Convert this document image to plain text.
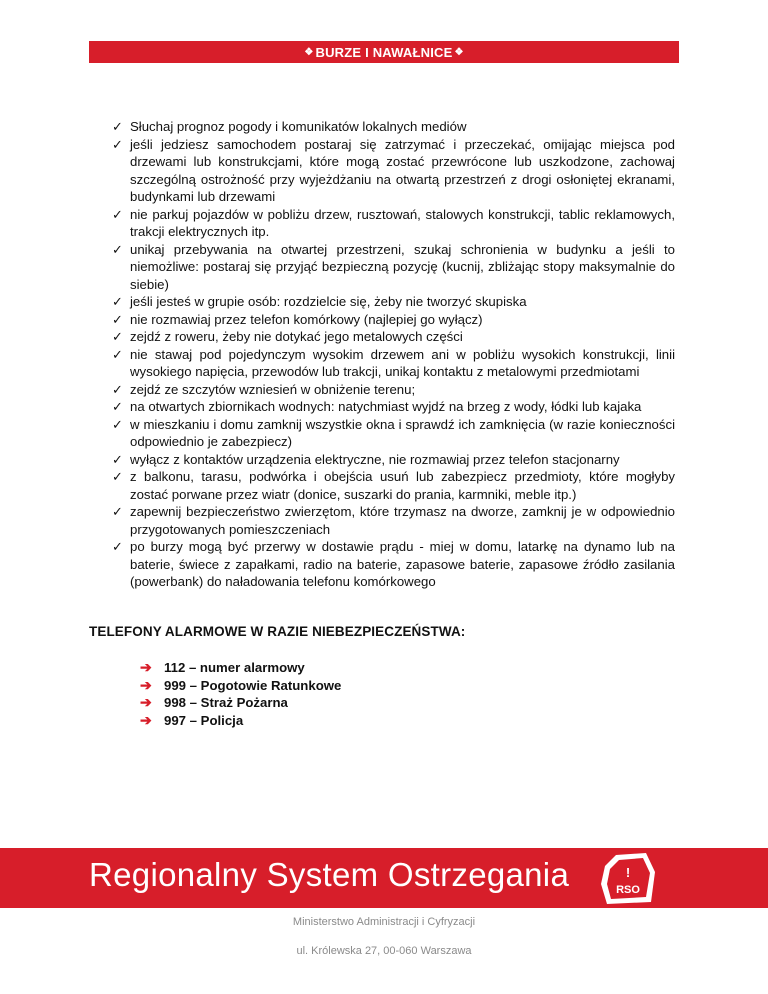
❖ BURZE I NAWAŁNICE ❖
✓ Słuchaj prognoz pogody i komunikatów lokalnych mediów
✓ jeśli jedziesz samochodem postaraj się zatrzymać i przeczekać, omijając miejsca pod drzewami lub konstrukcjami, które mogą zostać przewrócone lub uszkodzone, zachowaj szczególną ostrożność przy wyjeżdżaniu na otwartą przestrzeń z drogi osłoniętej ekranami, budynkami lub drzewami
✓ nie parkuj pojazdów w pobliżu drzew, rusztowań, stalowych konstrukcji, tablic reklamowych, trakcji elektrycznych itp.
✓ unikaj przebywania na otwartej przestrzeni, szukaj schronienia w budynku a jeśli to niemożliwe: postaraj się przyjąć bezpieczną pozycję (kucnij, zbliżając stopy maksymalnie do siebie)
✓ jeśli jesteś w grupie osób: rozdzielcie się, żeby nie tworzyć skupiska
✓ nie rozmawiaj przez telefon komórkowy (najlepiej go wyłącz)
✓ zejdź z roweru, żeby nie dotykać jego metalowych części
✓ nie stawaj pod pojedynczym wysokim drzewem ani w pobliżu wysokich konstrukcji, linii wysokiego napięcia, przewodów lub trakcji, unikaj kontaktu z metalowymi przedmiotami
✓ zejdź ze szczytów wzniesień w obniżenie terenu;
✓ na otwartych zbiornikach wodnych: natychmiast wyjdź na brzeg z wody, łódki lub kajaka
✓ w mieszkaniu i domu zamknij wszystkie okna i sprawdź ich zamknięcia (w razie konieczności odpowiednio je zabezpiecz)
✓ wyłącz z kontaktów urządzenia elektryczne, nie rozmawiaj przez telefon stacjonarny
✓ z balkonu, tarasu, podwórka i obejścia usuń lub zabezpiecz przedmioty, które mogłyby zostać porwane przez wiatr (donice, suszarki do prania, karmniki, meble itp.)
✓ zapewnij bezpieczeństwo zwierzętom, które trzymasz na dworze, zamknij je w odpowiednio przygotowanych pomieszczeniach
✓ po burzy mogą być przerwy w dostawie prądu - miej w domu, latarkę na dynamo lub na baterie, świece z zapałkami, radio na baterie, zapasowe baterie, zapasowe źródło zasilania (powerbank) do naładowania telefonu komórkowego
TELEFONY ALARMOWE W RAZIE NIEBEZPIECZEŃSTWA:
➔ 112 – numer alarmowy
➔ 999 – Pogotowie Ratunkowe
➔ 998 – Straż Pożarna
➔ 997 – Policja
Regionalny System Ostrzegania	!
RSO
Ministerstwo Administracji i Cyfryzacji
ul. Królewska 27, 00-060 Warszawa
